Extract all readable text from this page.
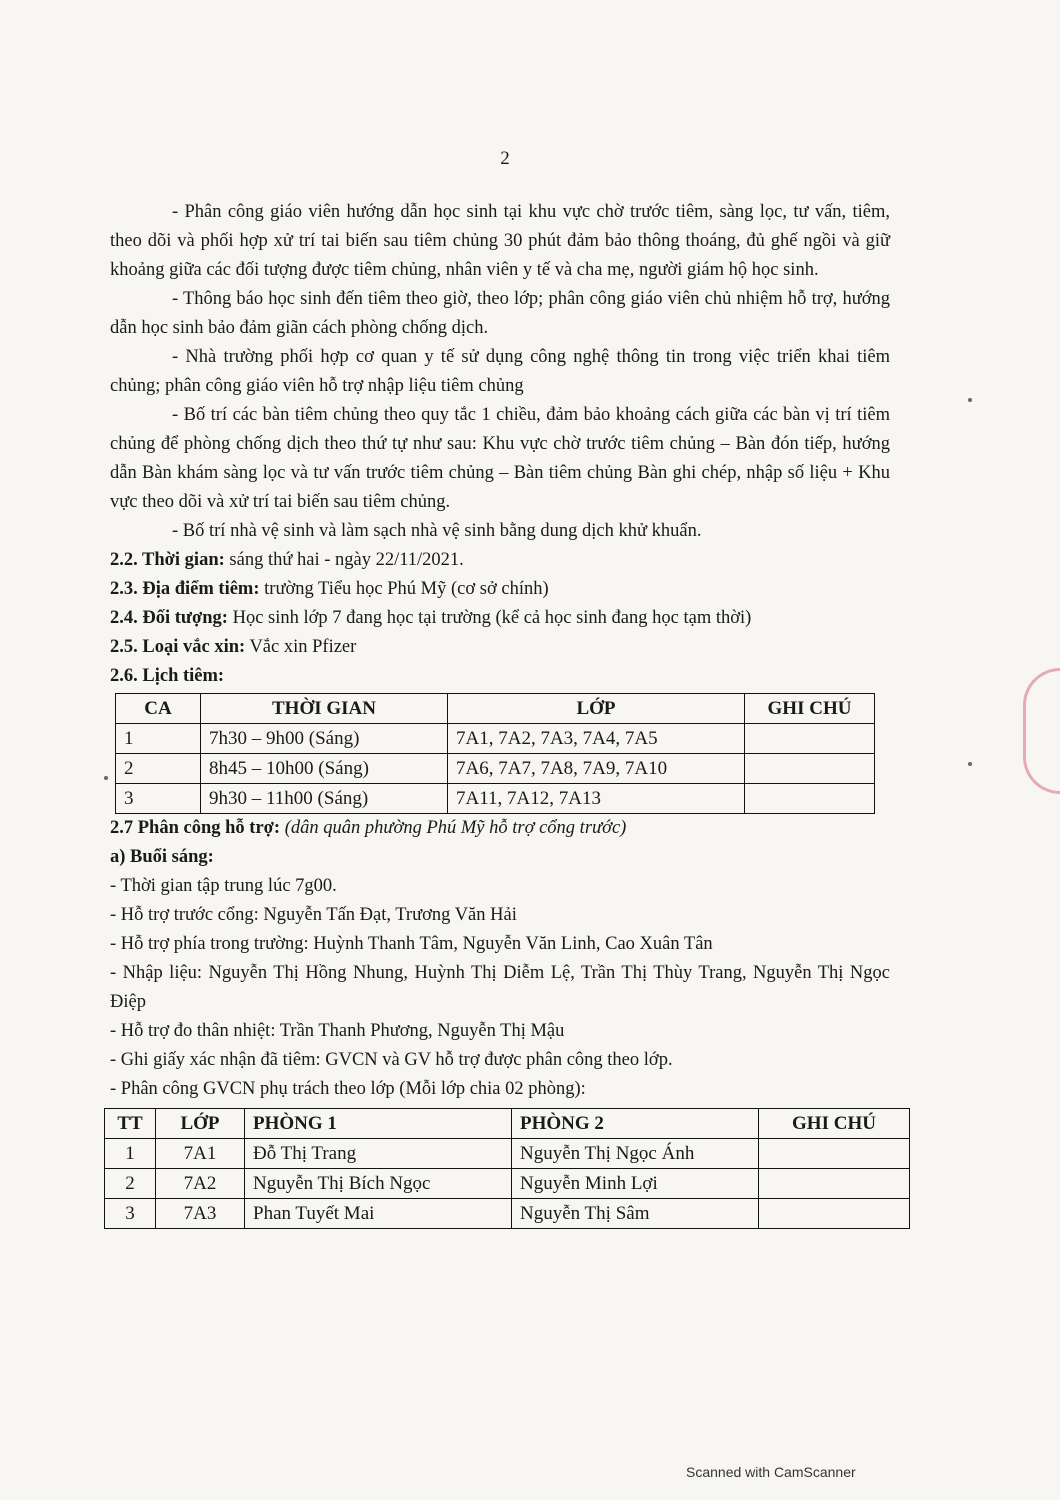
2

- Phân công giáo viên hướng dẫn học sinh tại khu vực chờ trước tiêm, sàng lọc, tư vấn, tiêm, theo dõi và phối hợp xử trí tai biến sau tiêm chủng 30 phút đảm bảo thông thoáng, đủ ghế ngồi và giữ khoảng giữa các đối tượng được tiêm chủng, nhân viên y tế và cha mẹ, người giám hộ học sinh.

- Thông báo học sinh đến tiêm theo giờ, theo lớp; phân công giáo viên chủ nhiệm hỗ trợ, hướng dẫn học sinh bảo đảm giãn cách phòng chống dịch.

- Nhà trường phối hợp cơ quan y tế sử dụng công nghệ thông tin trong việc triển khai tiêm chủng; phân công giáo viên hỗ trợ nhập liệu tiêm chủng

- Bố trí các bàn tiêm chủng theo quy tắc 1 chiều, đảm bảo khoảng cách giữa các bàn vị trí tiêm chủng để phòng chống dịch theo thứ tự như sau: Khu vực chờ trước tiêm chủng – Bàn đón tiếp, hướng dẫn Bàn khám sàng lọc và tư vấn trước tiêm chủng – Bàn tiêm chủng Bàn ghi chép, nhập số liệu + Khu vực theo dõi và xử trí tai biến sau tiêm chủng.

- Bố trí nhà vệ sinh và làm sạch nhà vệ sinh bằng dung dịch khử khuẩn.

2.2. Thời gian: sáng thứ hai - ngày 22/11/2021.

2.3. Địa điểm tiêm: trường Tiểu học Phú Mỹ (cơ sở chính)

2.4. Đối tượng: Học sinh lớp 7 đang học tại trường (kể cả học sinh đang học tạm thời)

2.5. Loại vắc xin: Vắc xin Pfizer

2.6. Lịch tiêm:

CA	THỜI GIAN	LỚP	GHI CHÚ
1	7h30 – 9h00 (Sáng)	7A1, 7A2, 7A3, 7A4, 7A5	
2	8h45 – 10h00 (Sáng)	7A6, 7A7, 7A8, 7A9, 7A10	
3	9h30 – 11h00 (Sáng)	7A11, 7A12, 7A13	

2.7 Phân công hỗ trợ: (dân quân phường Phú Mỹ hỗ trợ cổng trước)

a) Buổi sáng:

- Thời gian tập trung lúc 7g00.

- Hỗ trợ trước cổng: Nguyễn Tấn Đạt, Trương Văn Hải

- Hỗ trợ phía trong trường: Huỳnh Thanh Tâm, Nguyễn Văn Linh, Cao Xuân Tân

- Nhập liệu: Nguyễn Thị Hồng Nhung, Huỳnh Thị Diễm Lệ, Trần Thị Thùy Trang, Nguyễn Thị Ngọc Điệp

- Hỗ trợ đo thân nhiệt: Trần Thanh Phương, Nguyễn Thị Mậu

- Ghi giấy xác nhận đã tiêm: GVCN và GV hỗ trợ được phân công theo lớp.

- Phân công GVCN phụ trách theo lớp (Mỗi lớp chia 02 phòng):

TT	LỚP	PHÒNG 1	PHÒNG 2	GHI CHÚ
1	7A1	Đỗ Thị Trang	Nguyễn Thị Ngọc Ánh	
2	7A2	Nguyễn Thị Bích Ngọc	Nguyễn Minh Lợi	
3	7A3	Phan Tuyết Mai	Nguyễn Thị Sâm	
Scanned with CamScanner
